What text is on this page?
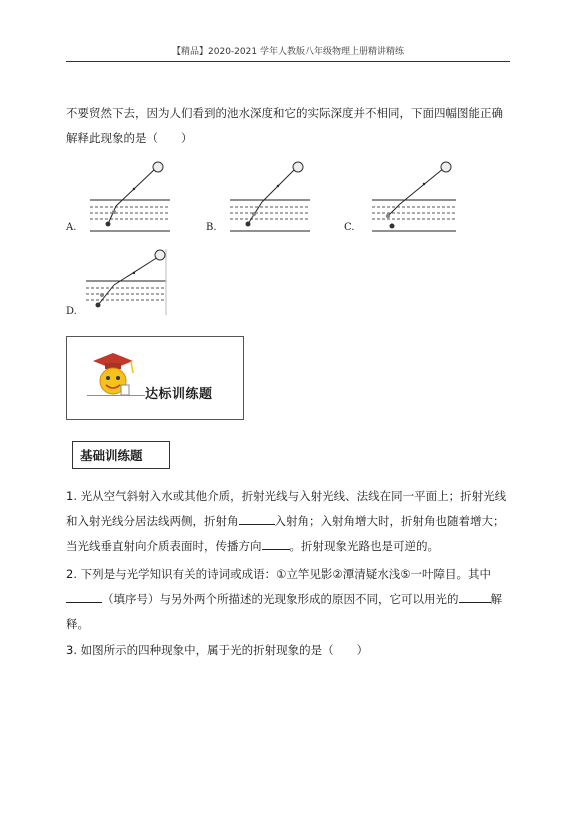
【精品】2020-2021 学年人教版八年级物理上册精讲精练
不要贸然下去，因为人们看到的池水深度和它的实际深度并不相同，下面四幅图能正确
解释此现象的是（　　）
A.	B.	C.
D.
达标训练题
基础训练题
1. 光从空气斜射入水或其他介质，折射光线与入射光线、法线在同一平面上；折射光线
和入射光线分居法线两侧，折射角	入射角；入射角增大时，折射角也随着增大；
当光线垂直射向介质表面时，传播方向 。折射现象光路也是可逆的。
2. 下列是与光学知识有关的诗词或成语：①立竿见影②潭清疑水浅⑤一叶障目。其中
（填序号）与另外两个所描述的光现象形成的原因不同，它可以用光的	解
释。
3. 如图所示的四种现象中，属于光的折射现象的是（　　）
